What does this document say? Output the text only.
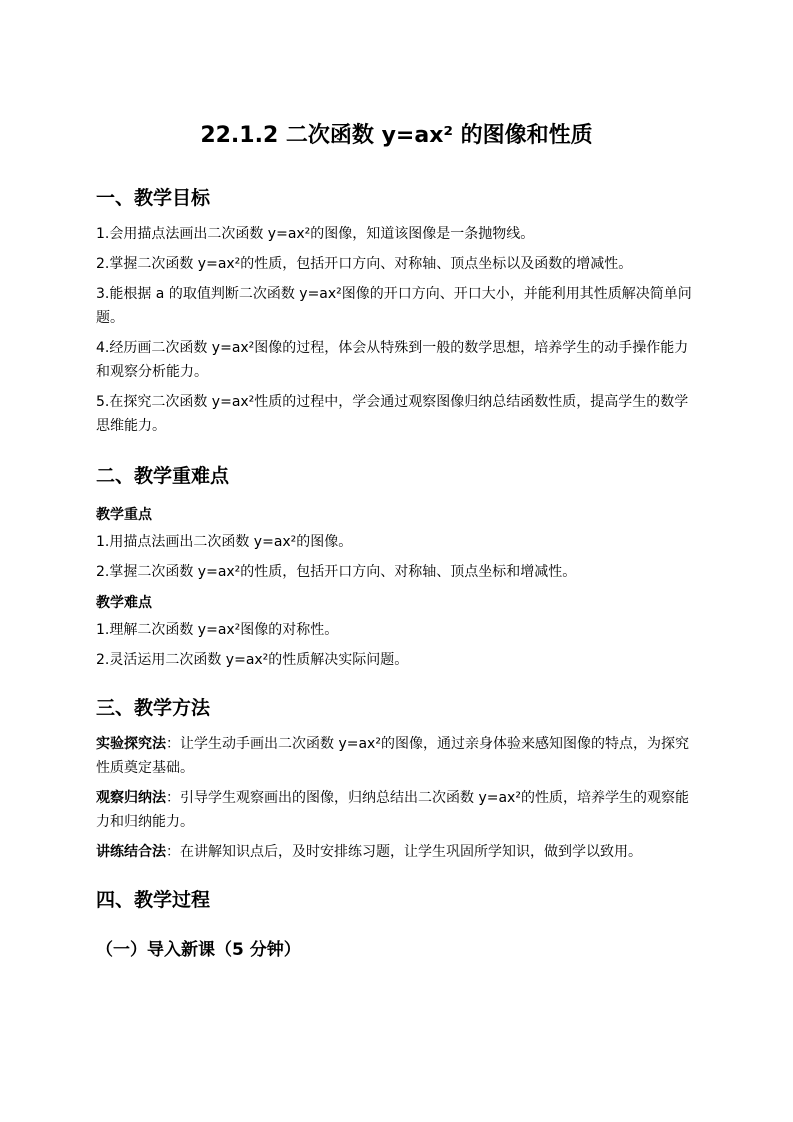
22.1.2 二次函数 y=ax² 的图像和性质
一、教学目标

1.会用描点法画出二次函数 y=ax²的图像，知道该图像是一条抛物线。

2.掌握二次函数 y=ax²的性质，包括开口方向、对称轴、顶点坐标以及函数的增减性。

3.能根据 a 的取值判断二次函数 y=ax²图像的开口方向、开口大小，并能利用其性质解决简单问题。

4.经历画二次函数 y=ax²图像的过程，体会从特殊到一般的数学思想，培养学生的动手操作能力和观察分析能力。

5.在探究二次函数 y=ax²性质的过程中，学会通过观察图像归纳总结函数性质，提高学生的数学思维能力。

二、教学重难点

教学重点

1.用描点法画出二次函数 y=ax²的图像。

2.掌握二次函数 y=ax²的性质，包括开口方向、对称轴、顶点坐标和增减性。

教学难点

1.理解二次函数 y=ax²图像的对称性。

2.灵活运用二次函数 y=ax²的性质解决实际问题。

三、教学方法

实验探究法：让学生动手画出二次函数 y=ax²的图像，通过亲身体验来感知图像的特点，为探究性质奠定基础。

观察归纳法：引导学生观察画出的图像，归纳总结出二次函数 y=ax²的性质，培养学生的观察能力和归纳能力。

讲练结合法：在讲解知识点后，及时安排练习题，让学生巩固所学知识，做到学以致用。

四、教学过程
（一）导入新课（5 分钟）
